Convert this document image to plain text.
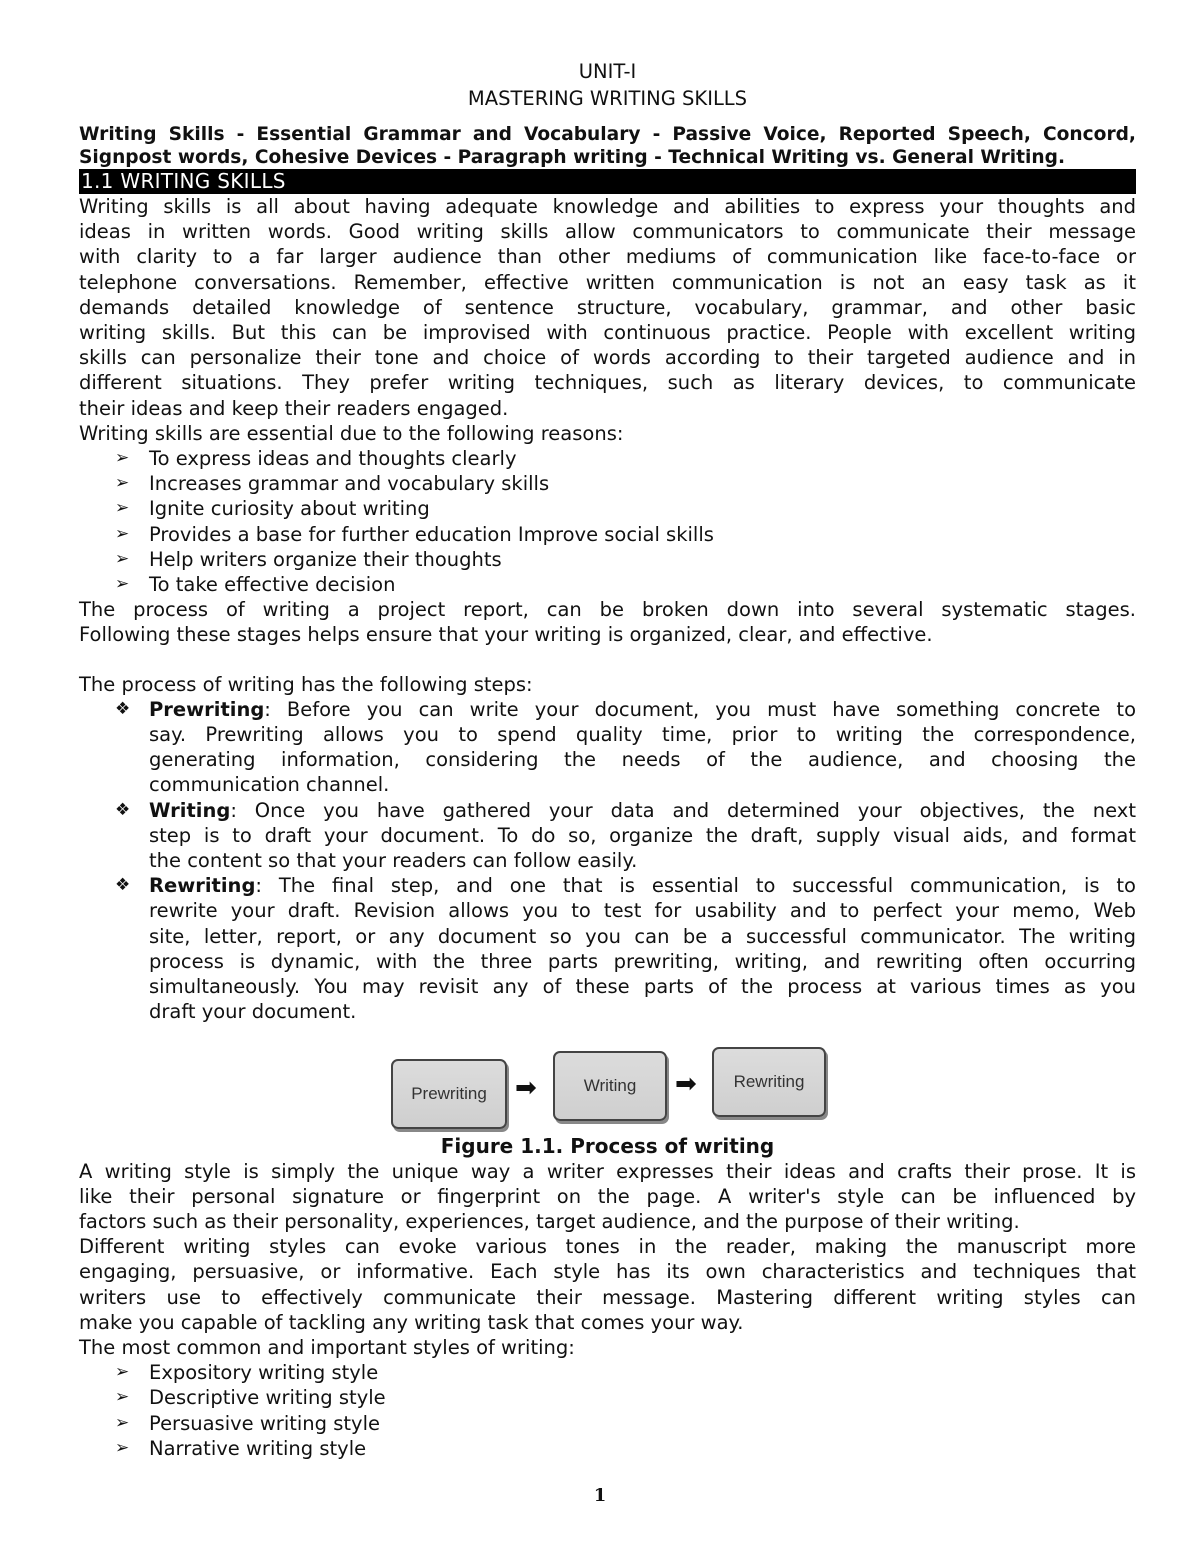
UNIT-I
MASTERING WRITING SKILLS
Writing Skills - Essential Grammar and Vocabulary - Passive Voice, Reported Speech, Concord,
Signpost words, Cohesive Devices - Paragraph writing - Technical Writing vs. General Writing.
1.1 WRITING SKILLS
Writing skills is all about having adequate knowledge and abilities to express your thoughts and
ideas in written words. Good writing skills allow communicators to communicate their message
with clarity to a far larger audience than other mediums of communication like face-to-face or
telephone conversations. Remember, effective written communication is not an easy task as it
demands detailed knowledge of sentence structure, vocabulary, grammar, and other basic
writing skills. But this can be improvised with continuous practice. People with excellent writing
skills can personalize their tone and choice of words according to their targeted audience and in
different situations. They prefer writing techniques, such as literary devices, to communicate
their ideas and keep their readers engaged.
Writing skills are essential due to the following reasons:
➢ To express ideas and thoughts clearly
➢ Increases grammar and vocabulary skills
➢ Ignite curiosity about writing
➢ Provides a base for further education Improve social skills
➢ Help writers organize their thoughts
➢ To take effective decision
The process of writing a project report, can be broken down into several systematic stages.
Following these stages helps ensure that your writing is organized, clear, and effective.
The process of writing has the following steps:
❖ Prewriting: Before you can write your document, you must have something concrete to
say. Prewriting allows you to spend quality time, prior to writing the correspondence,
generating information, considering the needs of the audience, and choosing the
communication channel.
❖ Writing: Once you have gathered your data and determined your objectives, the next
step is to draft your document. To do so, organize the draft, supply visual aids, and format
the content so that your readers can follow easily.
❖ Rewriting: The final step, and one that is essential to successful communication, is to
rewrite your draft. Revision allows you to test for usability and to perfect your memo, Web
site, letter, report, or any document so you can be a successful communicator. The writing
process is dynamic, with the three parts prewriting, writing, and rewriting often occurring
simultaneously. You may revisit any of these parts of the process at various times as you
draft your document.
Prewriting	➡	Writing	➡	Rewriting
Figure 1.1. Process of writing
A writing style is simply the unique way a writer expresses their ideas and crafts their prose. It is
like their personal signature or fingerprint on the page. A writer's style can be influenced by
factors such as their personality, experiences, target audience, and the purpose of their writing.
Different writing styles can evoke various tones in the reader, making the manuscript more
engaging, persuasive, or informative. Each style has its own characteristics and techniques that
writers use to effectively communicate their message. Mastering different writing styles can
make you capable of tackling any writing task that comes your way.
The most common and important styles of writing:
➢ Expository writing style
➢ Descriptive writing style
➢ Persuasive writing style
➢ Narrative writing style
1
